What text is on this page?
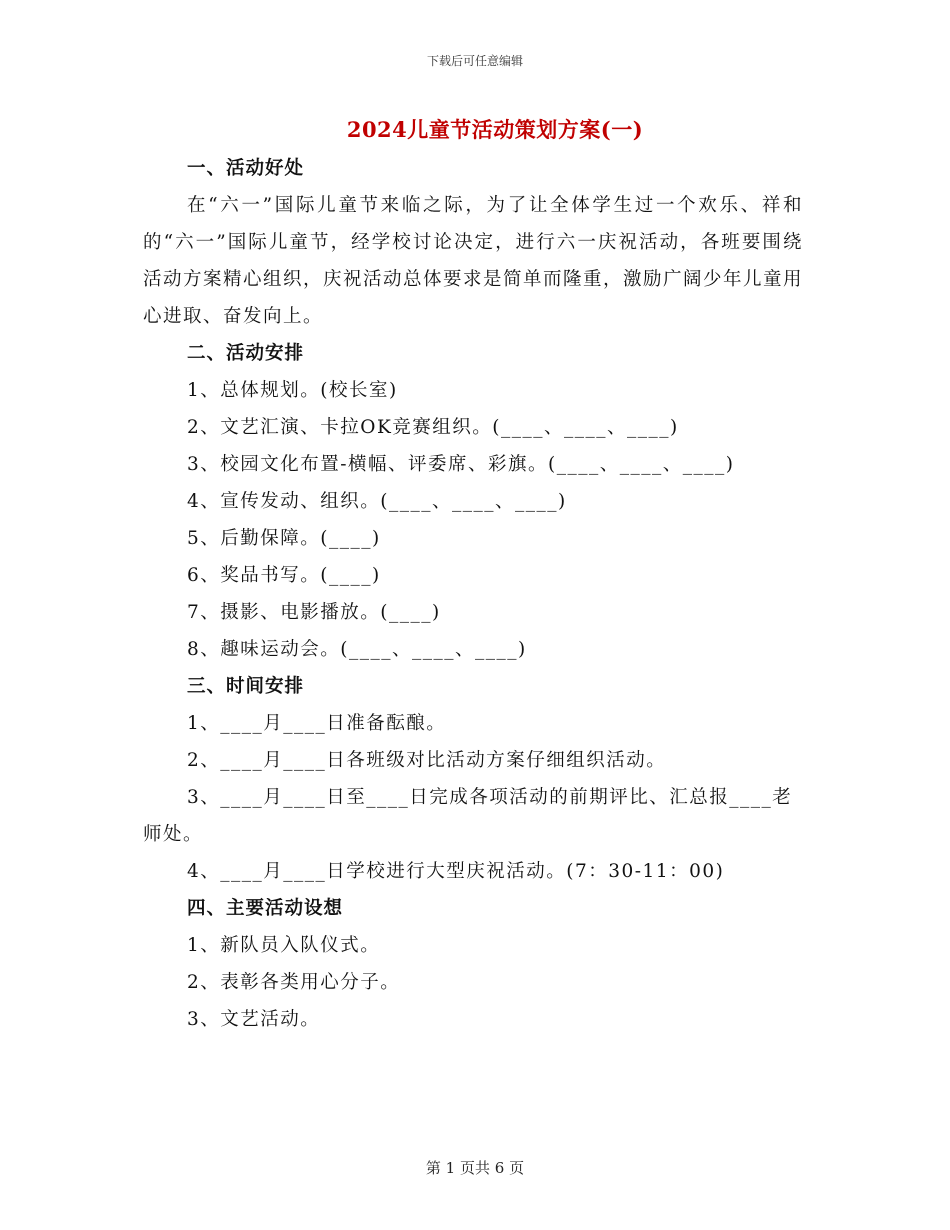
下载后可任意编辑
2024儿童节活动策划方案(一)
一、活动好处
在“六一”国际儿童节来临之际，为了让全体学生过一个欢乐、祥和的“六一”国际儿童节，经学校讨论决定，进行六一庆祝活动，各班要围绕活动方案精心组织，庆祝活动总体要求是简单而隆重，激励广阔少年儿童用心进取、奋发向上。
二、活动安排
1、总体规划。(校长室)
2、文艺汇演、卡拉OK竞赛组织。(____、____、____)
3、校园文化布置-横幅、评委席、彩旗。(____、____、____)
4、宣传发动、组织。(____、____、____)
5、后勤保障。(____)
6、奖品书写。(____)
7、摄影、电影播放。(____)
8、趣味运动会。(____、____、____)
三、时间安排
1、____月____日准备酝酿。
2、____月____日各班级对比活动方案仔细组织活动。
3、____月____日至____日完成各项活动的前期评比、汇总报____老师处。
4、____月____日学校进行大型庆祝活动。(7：30-11：00)
四、主要活动设想
1、新队员入队仪式。
2、表彰各类用心分子。
3、文艺活动。
第 1 页共 6 页
